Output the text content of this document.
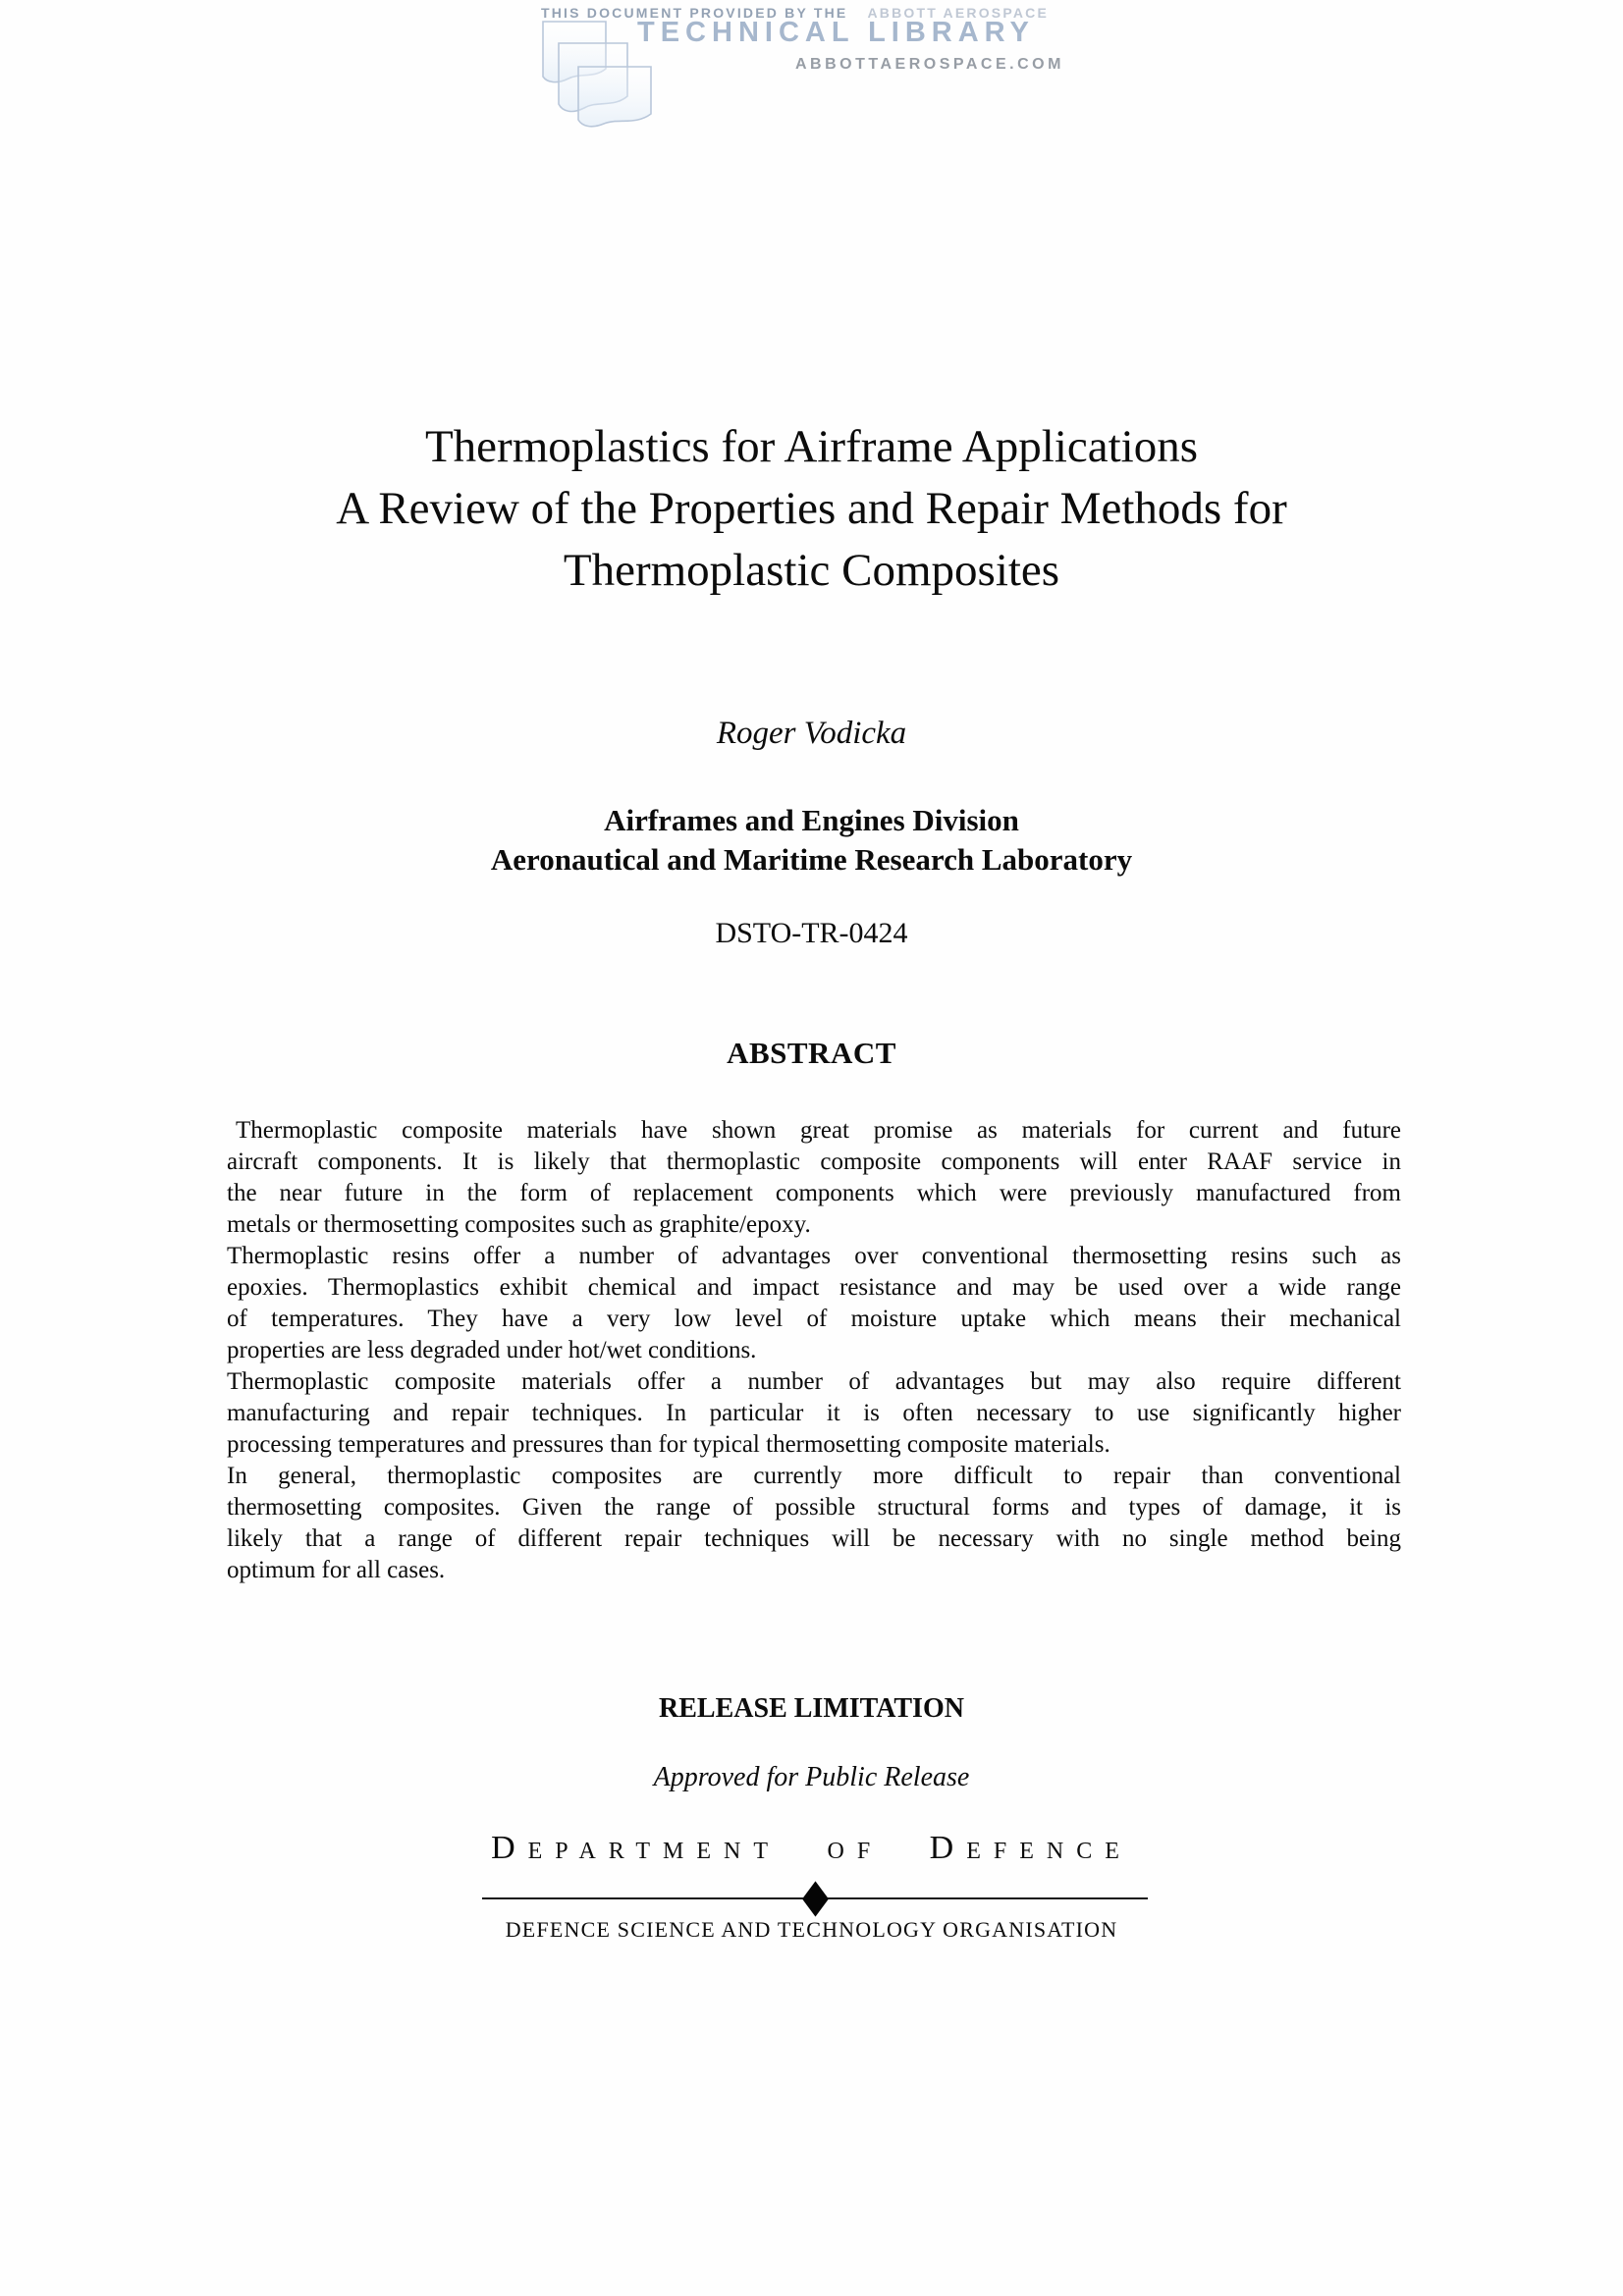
THIS DOCUMENT PROVIDED BY THE ABBOTT AEROSPACE
TECHNICAL LIBRARY
ABBOTTAEROSPACE.COM
Thermoplastics for Airframe Applications
A Review of the Properties and Repair Methods for
Thermoplastic Composites
Roger Vodicka
Airframes and Engines Division
Aeronautical and Maritime Research Laboratory
DSTO-TR-0424
ABSTRACT
Thermoplastic composite materials have shown great promise as materials for current and future
aircraft components. It is likely that thermoplastic composite components will enter RAAF service in
the near future in the form of replacement components which were previously manufactured from
metals or thermosetting composites such as graphite/epoxy.
Thermoplastic resins offer a number of advantages over conventional thermosetting resins such as
epoxies. Thermoplastics exhibit chemical and impact resistance and may be used over a wide range
of temperatures. They have a very low level of moisture uptake which means their mechanical
properties are less degraded under hot/wet conditions.
Thermoplastic composite materials offer a number of advantages but may also require different
manufacturing and repair techniques. In particular it is often necessary to use significantly higher
processing temperatures and pressures than for typical thermosetting composite materials.
In general, thermoplastic composites are currently more difficult to repair than conventional
thermosetting composites. Given the range of possible structural forms and types of damage, it is
likely that a range of different repair techniques will be necessary with no single method being
optimum for all cases.
RELEASE LIMITATION
Approved for Public Release
Department of Defence
DEFENCE SCIENCE AND TECHNOLOGY ORGANISATION
